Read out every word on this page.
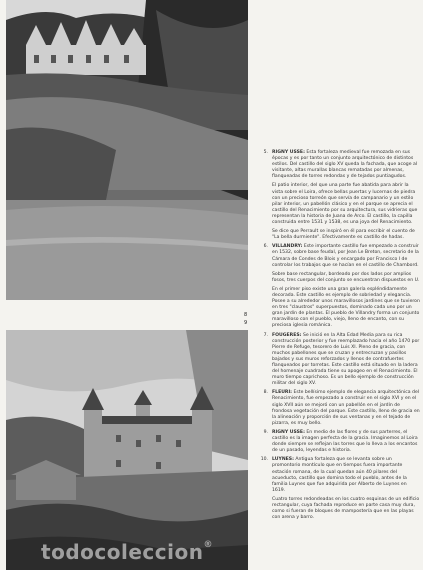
8
9
todocoleccion®
5. RIGNY USSE: Esta fortaleza medieval fue remozada en sus épocas y es por tanto un conjunto arquitectónico de distintos estilos. Del castillo del siglo XV queda la fachada, que acoge al visitante, altas murallas blancas rematadas por almenas, flanqueadas de torres redondas y de tejados puntiagudos.

El patio interior, del que una parte fue abatida para abrir la vista sobre el Loira, ofrece bellas puertas y lucernas de piedra con un precioso torreón que servía de campanario y un estilo pilar interior, un pabellón clásico y en el parque se aprecia el castillo del Renacimiento por su arquitectura, sus vidrieras que representan la historia de Juana de Arco. El castillo, la capilla construida entre 1531 y 1538, es una joya del Renacimiento.

Se dice que Perrault se inspiró en él para escribir el cuento de "La bella durmiente". Efectivamente es castillo de hadas.

6. VILLANDRY: Este importante castillo fue empezado a construir en 1532, sobre base feudal, por Jean Le Breton, secretario de la Cámara de Condes de Blois y encargado por Francisco I de controlar los trabajos que se hacían en el castillo de Chambord.

Sobre base rectangular, bordeado por dos lados por amplios fosos, tres cuerpos del conjunto se encuentran dispuestos en U.

En el primer piso existe una gran galería espléndidamente decorada. Este castillo es ejemplo de sobriedad y elegancia. Posee a su alrededor unos maravillosos jardines que se tuvieron en tres "claustros" superpuestos, dominado cada uno por un gran jardín de plantas. El pueblo de Villandry forma un conjunto maravilloso con el pueblo, viejo, lleno de encanto, con su preciosa iglesia románica.

7. FOUGERES: Se inició en la Alta Edad Media para su rica construcción posterior y fue reemplazado hacia el año 1470 por Pierre de Refuge, tesorero de Luis XI. Pleno de gracia, con muchos pabellones que se cruzan y entrecruzan y pasillos bajados y sus muros reforzados y llenos de contrafuertes flanqueados por torretas. Este castillo está situado en la ladera del homenaje cuadrada tiene su apogeo en el Renacimiento. El muro tiempo caprichoso. Es un bello ejemplo de construcción militar del siglo XV.
8. FLEURI: Este bellísimo ejemplo de elegancia arquitectónica del Renacimiento, fue empezado a construir en el siglo XVI y en el siglo XVII aún se mejoró con un pabellón en el jardín de frondosa vegetación del parque. Este castillo, lleno de gracia en la alineación y proporción de sus ventanas y en el tejado de pizarra, es muy bello.
9. RIGNY USSE: En medio de las flores y de sus parterres, el castillo es la imagen perfecta de la gracia. Imaginemos al Loira donde siempre se reflejan las torres que lo lleva a los encantos de un pasado, leyendas e historia.
10. LUYNES: Antigua fortaleza que se levanta sobre un promontorio montículo que en tiempos fuera importante estación romana, de la cual quedan aún 40 pilares del acueducto, castillo que domina todo el pueblo, antes de la familia Luynes que fue adquirida por Alberto de Luynes en 1619.

Cuatro torres redondeadas en los cuatro esquinas de un edificio rectangular, cuya fachada reproduce en parte casa muy dura, como si fueran de bloques de mampostería que en las playas con arena y barro.
